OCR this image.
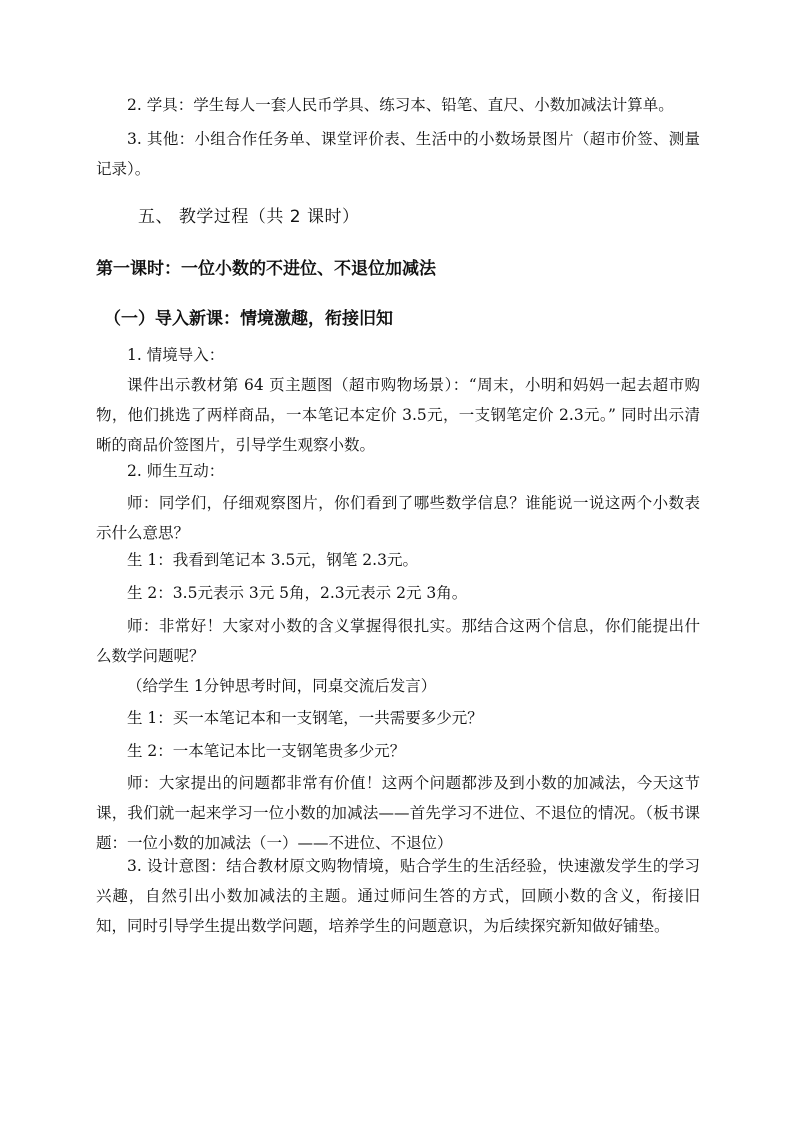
2. 学具：学生每人一套人民币学具、练习本、铅笔、直尺、小数加减法计算单。

3. 其他：小组合作任务单、课堂评价表、生活中的小数场景图片（超市价签、测量记录）。

五、 教学过程（共 2 课时）
第一课时：一位小数的不进位、不退位加减法
（一）导入新课：情境激趣，衔接旧知

1. 情境导入：

课件出示教材第 64 页主题图（超市购物场景）：“周末，小明和妈妈一起去超市购物，他们挑选了两样商品，一本笔记本定价 3.5元，一支钢笔定价 2.3元。” 同时出示清晰的商品价签图片，引导学生观察小数。

2. 师生互动：

师：同学们，仔细观察图片，你们看到了哪些数学信息？谁能说一说这两个小数表示什么意思？

生 1：我看到笔记本 3.5元，钢笔 2.3元。

生 2：3.5元表示 3元 5角，2.3元表示 2元 3角。

师：非常好！大家对小数的含义掌握得很扎实。那结合这两个信息，你们能提出什么数学问题呢？

（给学生 1分钟思考时间，同桌交流后发言）

生 1：买一本笔记本和一支钢笔，一共需要多少元？

生 2：一本笔记本比一支钢笔贵多少元？

师：大家提出的问题都非常有价值！这两个问题都涉及到小数的加减法，今天这节课，我们就一起来学习一位小数的加减法——首先学习不进位、不退位的情况。（板书课题：一位小数的加减法（一）——不进位、不退位）

3. 设计意图：结合教材原文购物情境，贴合学生的生活经验，快速激发学生的学习兴趣，自然引出小数加减法的主题。通过师问生答的方式，回顾小数的含义，衔接旧知，同时引导学生提出数学问题，培养学生的问题意识，为后续探究新知做好铺垫。
